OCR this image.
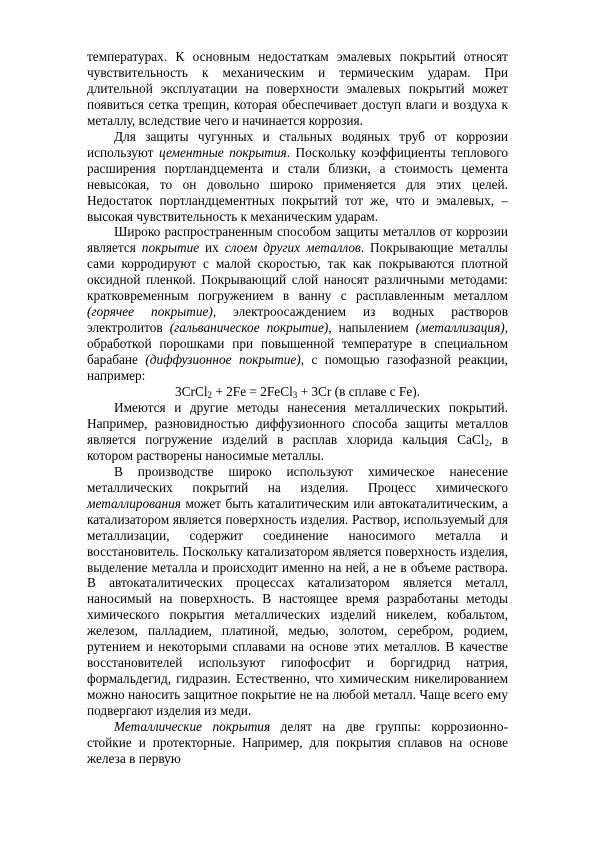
температурах. К основным недостаткам эмалевых покрытий относят чувствительность к механическим и термическим ударам. При длительной эксплуатации на поверхности эмалевых покрытий может появиться сетка трещин, которая обеспечивает доступ влаги и воздуха к металлу, вследствие чего и начинается коррозия.

Для защиты чугунных и стальных водяных труб от коррозии используют цементные покрытия. Поскольку коэффициенты теплового расширения портландцемента и стали близки, а стоимость цемента невысокая, то он довольно широко применяется для этих целей. Недостаток портландцементных покрытий тот же, что и эмалевых, – высокая чувствительность к механическим ударам.

Широко распространенным способом защиты металлов от коррозии является покрытие их слоем других металлов. Покрывающие металлы сами корродируют с малой скоростью, так как покрываются плотной оксидной пленкой. Покрывающий слой наносят различными методами: кратковременным погружением в ванну с расплавленным металлом (горячее покрытие), электроосаждением из водных растворов электролитов (гальваническое покрытие), напылением (металлизация), обработкой порошками при повышенной температуре в специальном барабане (диффузионное покрытие), с помощью газофазной реакции, например:

3CrCl$_2$ + 2Fe = 2FeCl$_3$ + 3Cr (в сплаве с Fe).

Имеются и другие методы нанесения металлических покрытий. Например, разновидностью диффузионного способа защиты металлов является погружение изделий в расплав хлорида кальция CaCl$_2$, в котором растворены наносимые металлы.

В производстве широко используют химическое нанесение металлических покрытий на изделия. Процесс химического металлирования может быть каталитическим или автокаталитическим, а катализатором является поверхность изделия. Раствор, используемый для металлизации, содержит соединение наносимого металла и восстановитель. Поскольку катализатором является поверхность изделия, выделение металла и происходит именно на ней, а не в объеме раствора. В автокаталитических процессах катализатором является металл, наносимый на поверхность. В настоящее время разработаны методы химического покрытия металлических изделий никелем, кобальтом, железом, палладием, платиной, медью, золотом, серебром, родием, рутением и некоторыми сплавами на основе этих металлов. В качестве восстановителей используют гипофосфит и боргидрид натрия, формальдегид, гидразин. Естественно, что химическим никелированием можно наносить защитное покрытие не на любой металл. Чаще всего ему подвергают изделия из меди.

Металлические покрытия делят на две группы: коррозионно-стойкие и протекторные. Например, для покрытия сплавов на основе железа в первую
